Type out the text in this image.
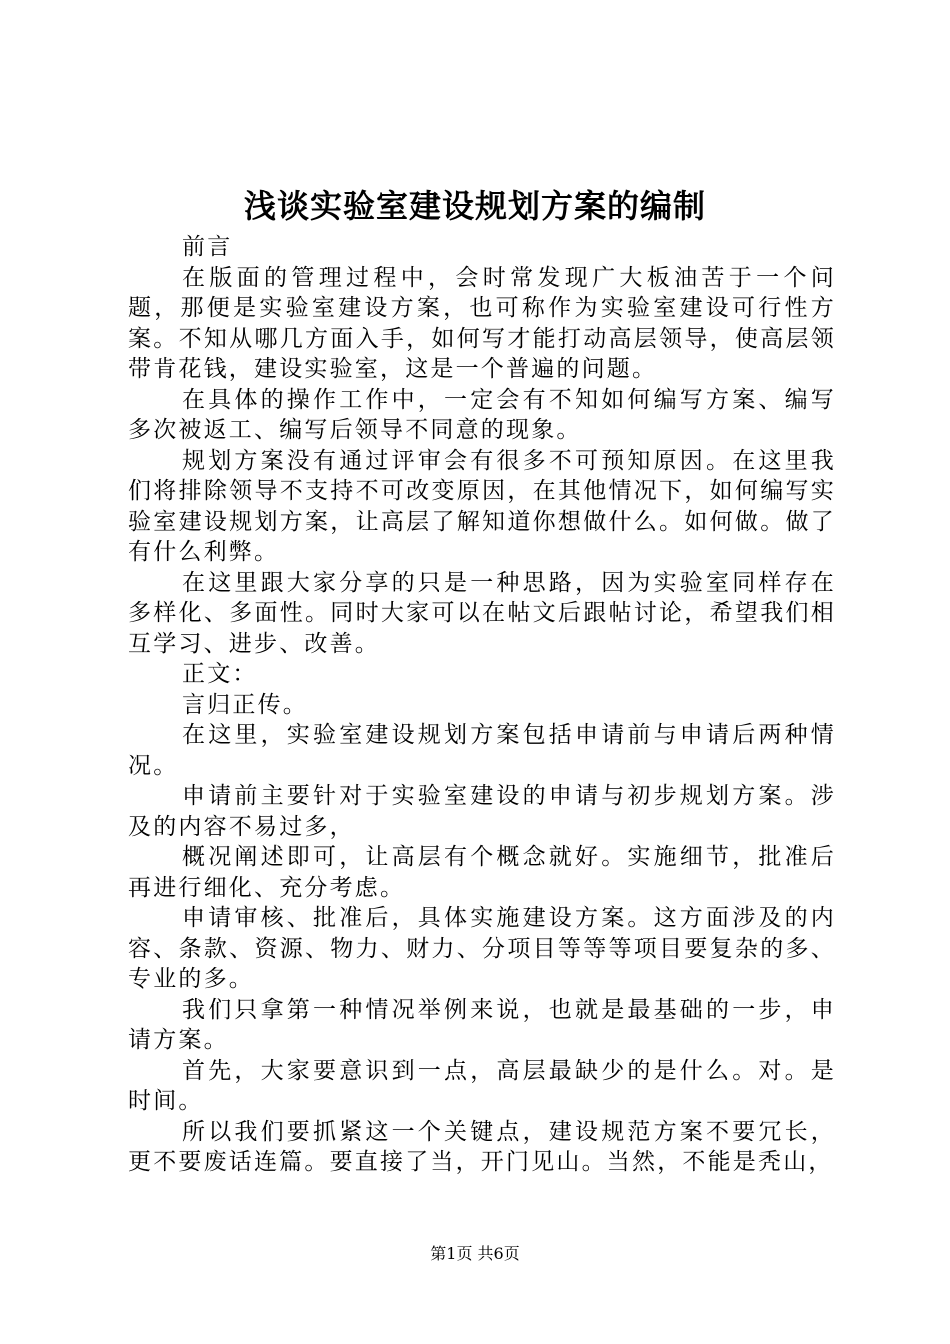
浅谈实验室建设规划方案的编制

前言

在版面的管理过程中，会时常发现广大板油苦于一个问题，那便是实验室建设方案，也可称作为实验室建设可行性方案。不知从哪几方面入手，如何写才能打动高层领导，使高层领带肯花钱，建设实验室，这是一个普遍的问题。

在具体的操作工作中，一定会有不知如何编写方案、编写多次被返工、编写后领导不同意的现象。

规划方案没有通过评审会有很多不可预知原因。在这里我们将排除领导不支持不可改变原因，在其他情况下，如何编写实验室建设规划方案，让高层了解知道你想做什么。如何做。做了有什么利弊。

在这里跟大家分享的只是一种思路，因为实验室同样存在多样化、多面性。同时大家可以在帖文后跟帖讨论，希望我们相互学习、进步、改善。

正文：

言归正传。

在这里，实验室建设规划方案包括申请前与申请后两种情况。

申请前主要针对于实验室建设的申请与初步规划方案。涉及的内容不易过多，

概况阐述即可，让高层有个概念就好。实施细节，批准后再进行细化、充分考虑。

申请审核、批准后，具体实施建设方案。这方面涉及的内容、条款、资源、物力、财力、分项目等等等项目要复杂的多、专业的多。

我们只拿第一种情况举例来说，也就是最基础的一步，申请方案。

首先，大家要意识到一点，高层最缺少的是什么。对。是时间。

所以我们要抓紧这一个关键点，建设规范方案不要冗长，更不要废话连篇。要直接了当，开门见山。当然，不能是秃山，

第1页 共6页
